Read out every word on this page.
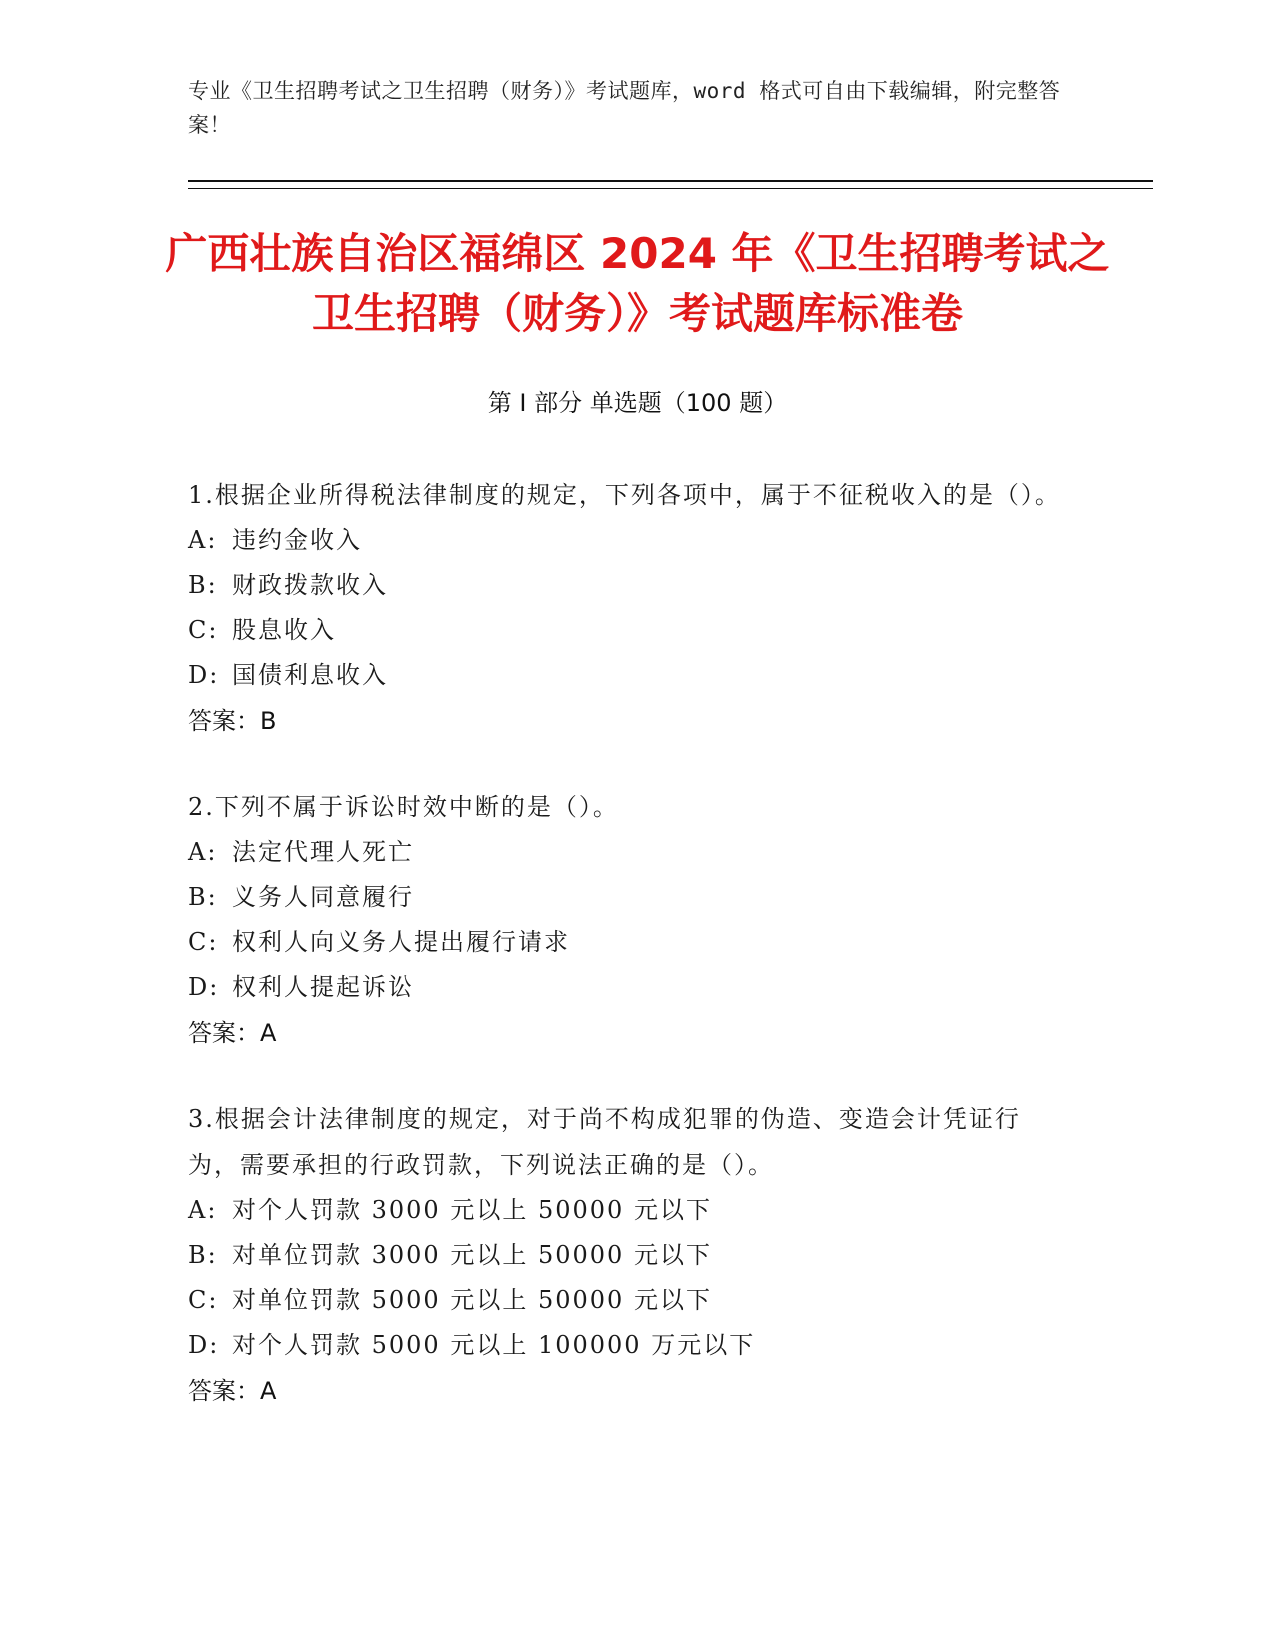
专业《卫生招聘考试之卫生招聘（财务）》考试题库，word 格式可自由下载编辑，附完整答案！
广西壮族自治区福绵区 2024 年《卫生招聘考试之卫生招聘（财务）》考试题库标准卷
第 I 部分 单选题（100 题）
1.根据企业所得税法律制度的规定，下列各项中，属于不征税收入的是（）。
A: 违约金收入
B: 财政拨款收入
C: 股息收入
D: 国债利息收入
答案：B
2.下列不属于诉讼时效中断的是（）。
A: 法定代理人死亡
B: 义务人同意履行
C: 权利人向义务人提出履行请求
D: 权利人提起诉讼
答案：A
3.根据会计法律制度的规定，对于尚不构成犯罪的伪造、变造会计凭证行为，需要承担的行政罚款，下列说法正确的是（）。
A: 对个人罚款 3000 元以上 50000 元以下
B: 对单位罚款 3000 元以上 50000 元以下
C: 对单位罚款 5000 元以上 50000 元以下
D: 对个人罚款 5000 元以上 100000 万元以下
答案：A
